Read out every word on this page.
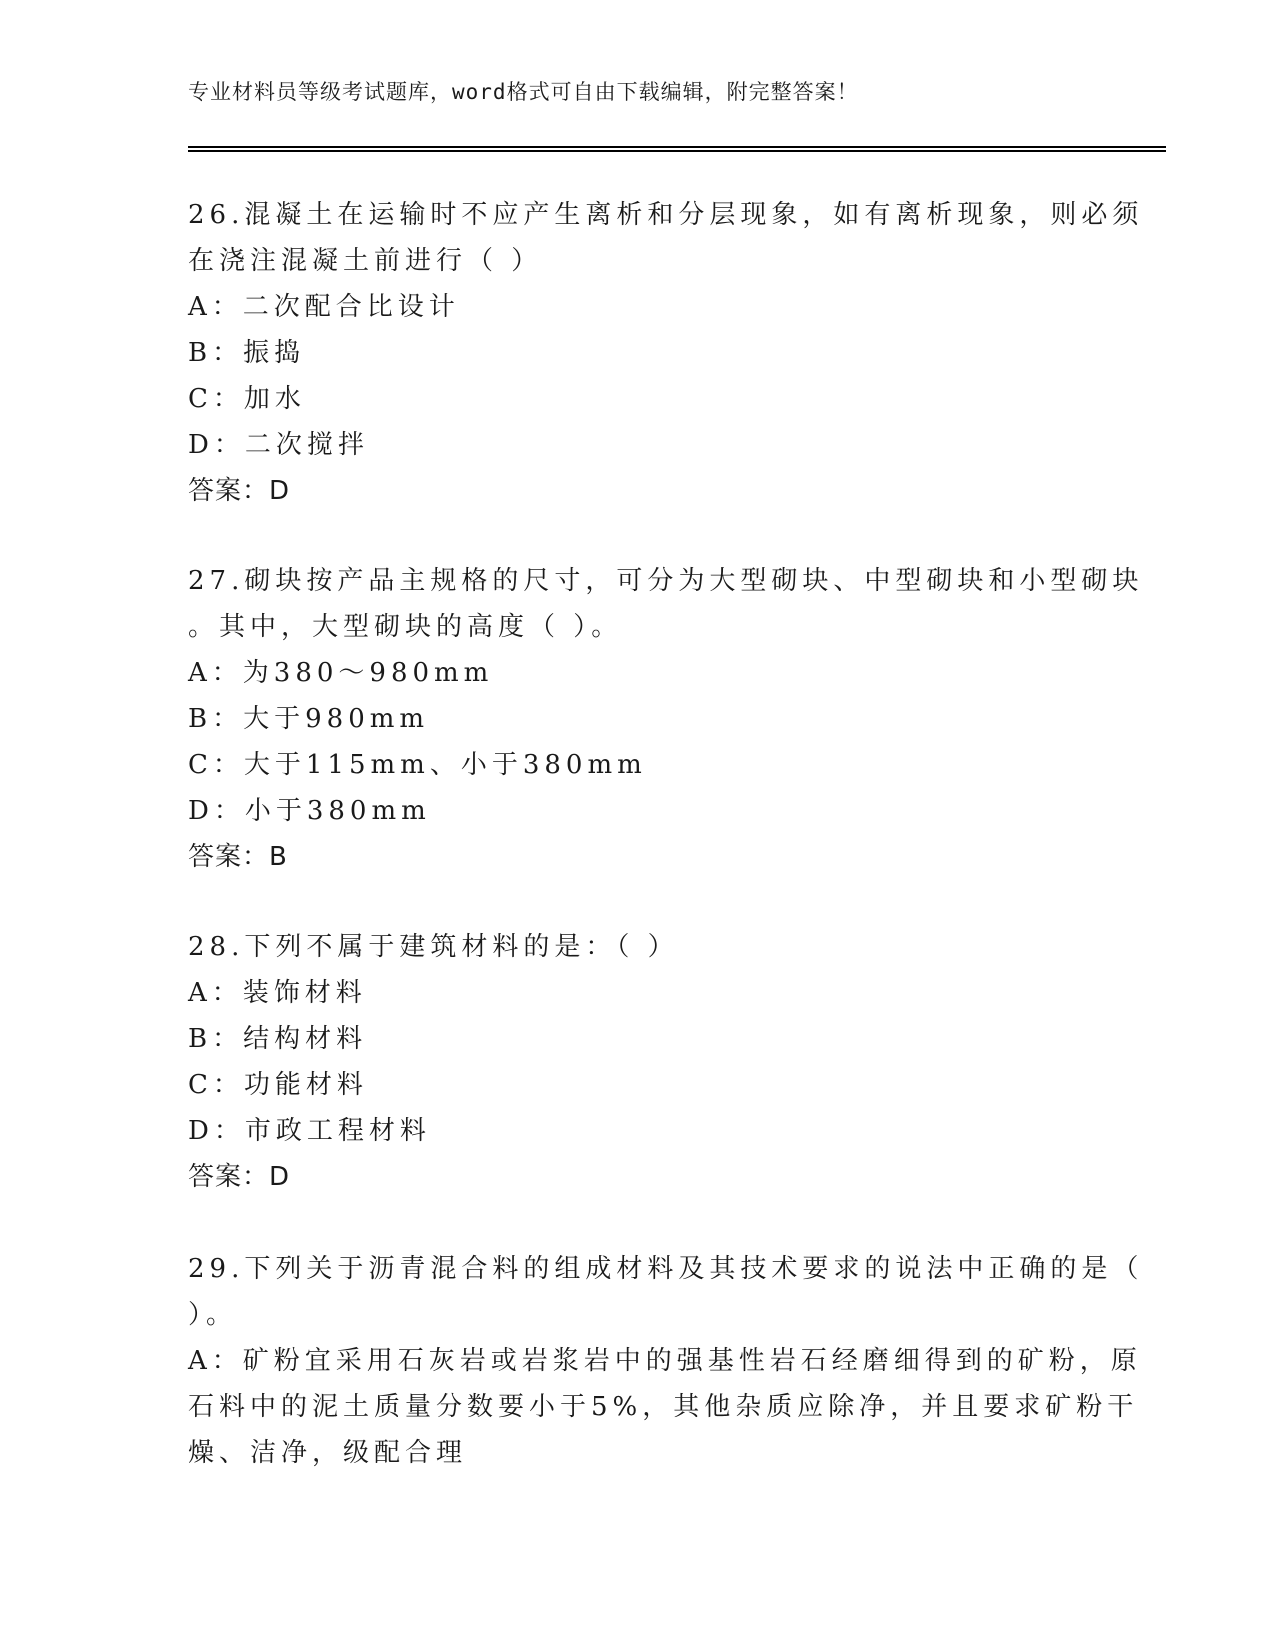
专业材料员等级考试题库，word格式可自由下载编辑，附完整答案！
26.混凝土在运输时不应产生离析和分层现象，如有离析现象，则必须
在浇注混凝土前进行（ ）
A：二次配合比设计
B：振捣
C：加水
D：二次搅拌
答案：D
27.砌块按产品主规格的尺寸，可分为大型砌块、中型砌块和小型砌块
。其中，大型砌块的高度（ ）。
A：为380～980mm
B：大于980mm
C：大于115mm、小于380mm
D：小于380mm
答案：B
28.下列不属于建筑材料的是：（ ）
A：装饰材料
B：结构材料
C：功能材料
D：市政工程材料
答案：D
29.下列关于沥青混合料的组成材料及其技术要求的说法中正确的是（
）。
A：矿粉宜采用石灰岩或岩浆岩中的强基性岩石经磨细得到的矿粉，原
石料中的泥土质量分数要小于5%，其他杂质应除净，并且要求矿粉干
燥、洁净，级配合理
